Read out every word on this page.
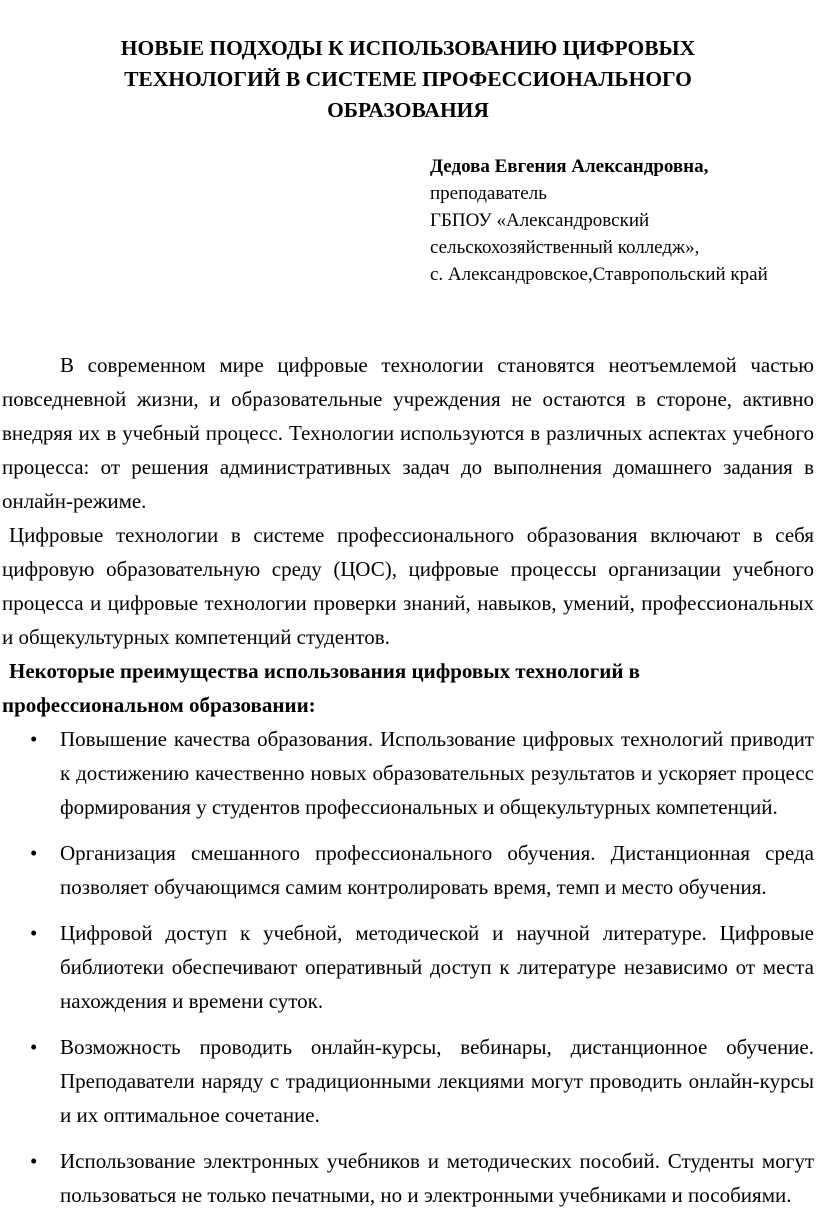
НОВЫЕ ПОДХОДЫ К ИСПОЛЬЗОВАНИЮ ЦИФРОВЫХ
ТЕХНОЛОГИЙ В СИСТЕМЕ ПРОФЕССИОНАЛЬНОГО
ОБРАЗОВАНИЯ
Дедова Евгения Александровна,
преподаватель
ГБПОУ «Александровский
сельскохозяйственный колледж»,
с. Александровское,Ставропольский край

В современном мире цифровые технологии становятся неотъемлемой частью повседневной жизни, и образовательные учреждения не остаются в стороне, активно внедряя их в учебный процесс. Технологии используются в различных аспектах учебного процесса: от решения административных задач до выполнения домашнего задания в онлайн-режиме.

Цифровые технологии в системе профессионального образования включают в себя цифровую образовательную среду (ЦОС), цифровые процессы организации учебного процесса и цифровые технологии проверки знаний, навыков, умений, профессиональных и общекультурных компетенций студентов.

Некоторые преимущества использования цифровых технологий в профессиональном образовании:

• Повышение качества образования. Использование цифровых технологий приводит к достижению качественно новых образовательных результатов и ускоряет процесс формирования у студентов профессиональных и общекультурных компетенций.
• Организация смешанного профессионального обучения. Дистанционная среда позволяет обучающимся самим контролировать время, темп и место обучения.
• Цифровой доступ к учебной, методической и научной литературе. Цифровые библиотеки обеспечивают оперативный доступ к литературе независимо от места нахождения и времени суток.
• Возможность проводить онлайн-курсы, вебинары, дистанционное обучение. Преподаватели наряду с традиционными лекциями могут проводить онлайн-курсы и их оптимальное сочетание.
• Использование электронных учебников и методических пособий. Студенты могут пользоваться не только печатными, но и электронными учебниками и пособиями.
